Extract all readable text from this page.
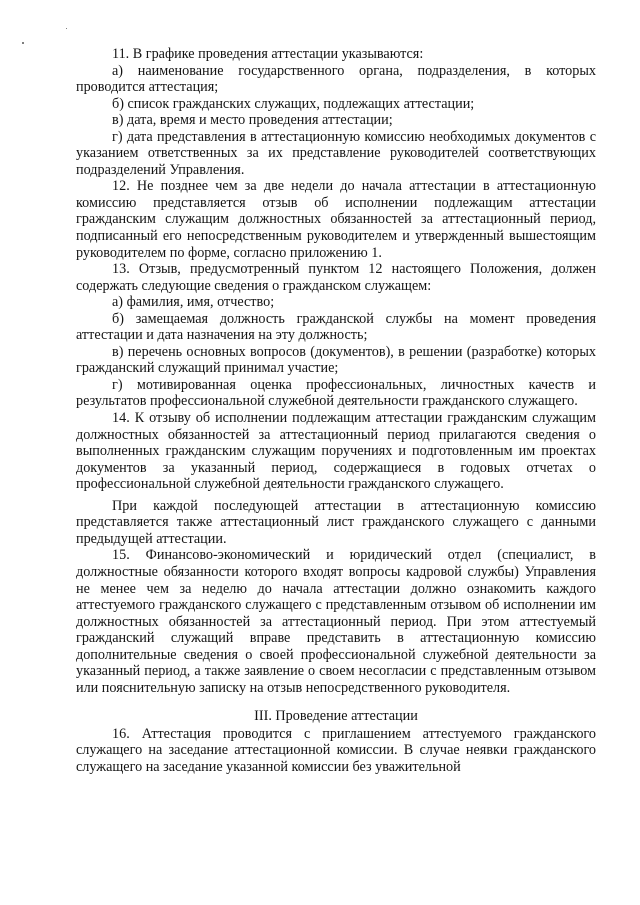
11. В графике проведения аттестации указываются:

а) наименование государственного органа, подразделения, в которых проводится аттестация;

б) список гражданских служащих, подлежащих аттестации;

в) дата, время и место проведения аттестации;

г) дата представления в аттестационную комиссию необходимых документов с указанием ответственных за их представление руководителей соответствующих подразделений Управления.

12. Не позднее чем за две недели до начала аттестации в аттестационную комиссию представляется отзыв об исполнении подлежащим аттестации гражданским служащим должностных обязанностей за аттестационный период, подписанный его непосредственным руководителем и утвержденный вышестоящим руководителем по форме, согласно приложению 1.

13. Отзыв, предусмотренный пунктом 12 настоящего Положения, должен содержать следующие сведения о гражданском служащем:

а) фамилия, имя, отчество;

б) замещаемая должность гражданской службы на момент проведения аттестации и дата назначения на эту должность;

в) перечень основных вопросов (документов), в решении (разработке) которых гражданский служащий принимал участие;

г) мотивированная оценка профессиональных, личностных качеств и результатов профессиональной служебной деятельности гражданского служащего.

14. К отзыву об исполнении подлежащим аттестации гражданским служащим должностных обязанностей за аттестационный период прилагаются сведения о выполненных гражданским служащим поручениях и подготовленным им проектах документов за указанный период, содержащиеся в годовых отчетах о профессиональной служебной деятельности гражданского служащего.

При каждой последующей аттестации в аттестационную комиссию представляется также аттестационный лист гражданского служащего с данными предыдущей аттестации.

15. Финансово-экономический и юридический отдел (специалист, в должностные обязанности которого входят вопросы кадровой службы) Управления не менее чем за неделю до начала аттестации должно ознакомить каждого аттестуемого гражданского служащего с представленным отзывом об исполнении им должностных обязанностей за аттестационный период. При этом аттестуемый гражданский служащий вправе представить в аттестационную комиссию дополнительные сведения о своей профессиональной служебной деятельности за указанный период, а также заявление о своем несогласии с представленным отзывом или пояснительную записку на отзыв непосредственного руководителя.

III. Проведение аттестации

16. Аттестация проводится с приглашением аттестуемого гражданского служащего на заседание аттестационной комиссии. В случае неявки гражданского служащего на заседание указанной комиссии без уважительной
